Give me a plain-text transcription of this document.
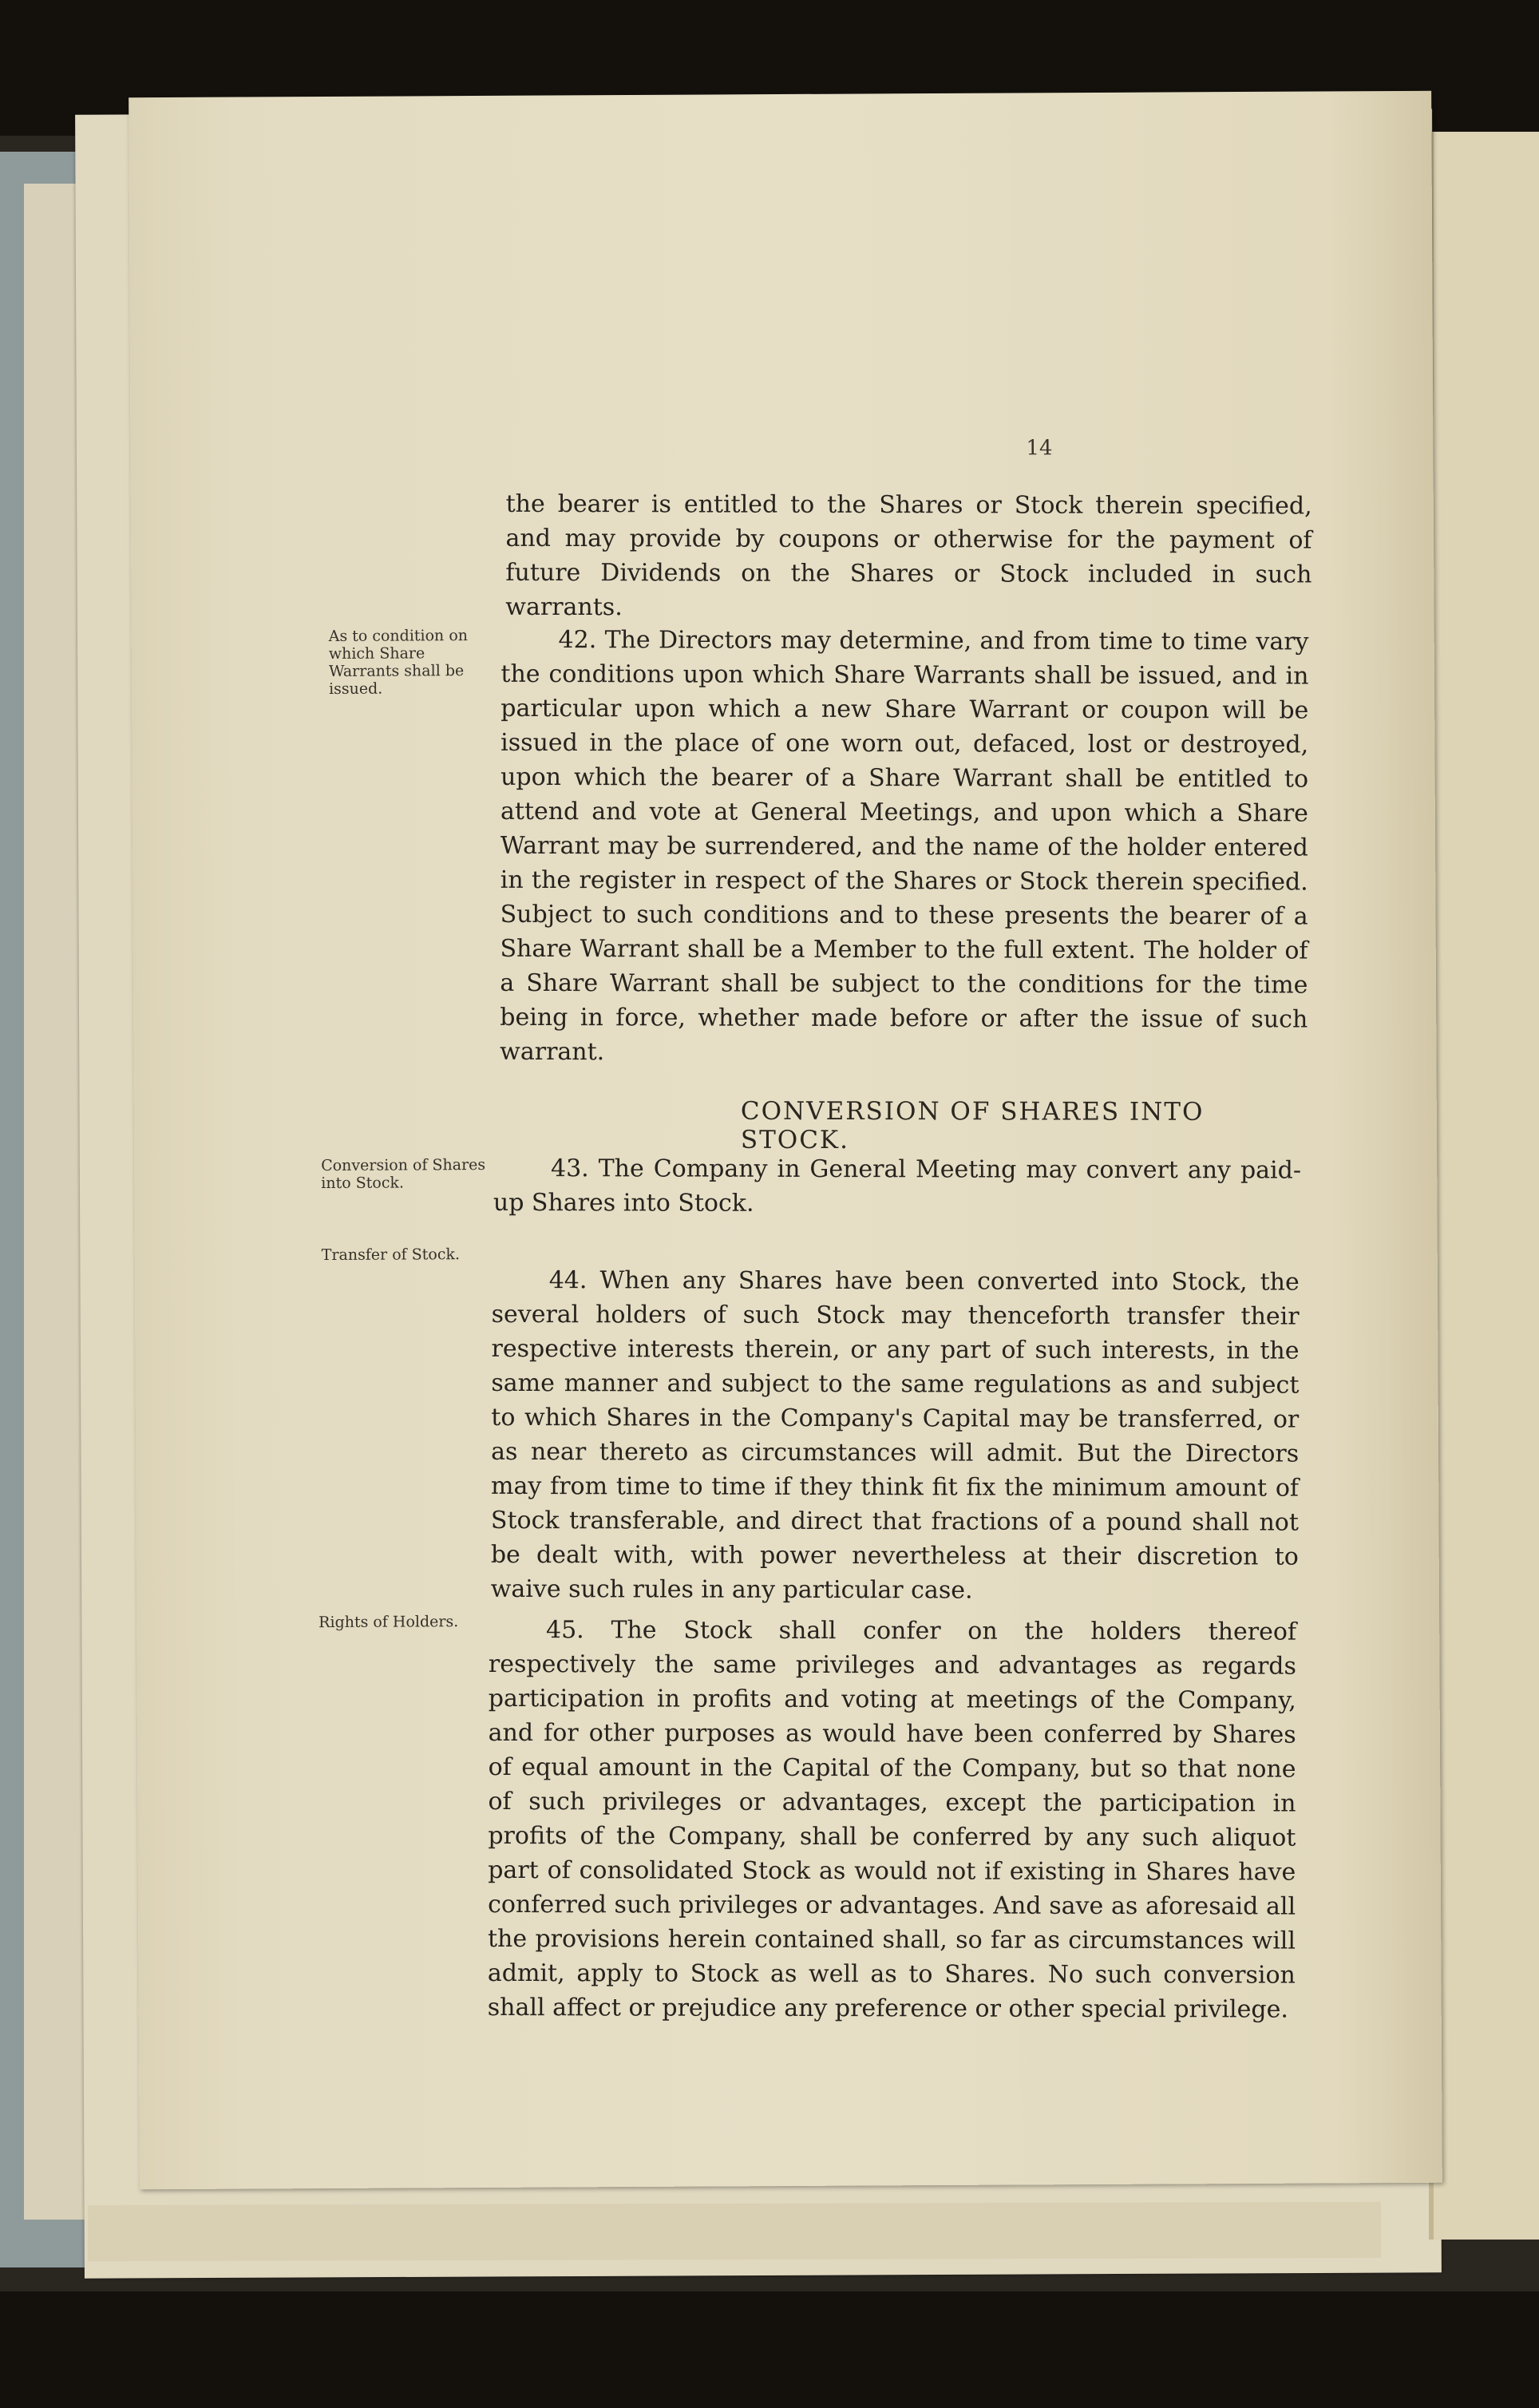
14

the bearer is entitled to the Shares or Stock therein specified, and may provide by coupons or otherwise for the payment of future Dividends on the Shares or Stock included in such warrants.

As to condition on which Share Warrants shall be issued.

42. The Directors may determine, and from time to time vary the conditions upon which Share Warrants shall be issued, and in particular upon which a new Share Warrant or coupon will be issued in the place of one worn out, defaced, lost or destroyed, upon which the bearer of a Share Warrant shall be entitled to attend and vote at General Meetings, and upon which a Share Warrant may be surrendered, and the name of the holder entered in the register in respect of the Shares or Stock therein specified. Subject to such conditions and to these presents the bearer of a Share Warrant shall be a Member to the full extent. The holder of a Share Warrant shall be subject to the conditions for the time being in force, whether made before or after the issue of such warrant.

CONVERSION OF SHARES INTO STOCK.

Conversion of Shares into Stock.

43. The Company in General Meeting may convert any paid-up Shares into Stock.

Transfer of Stock.

44. When any Shares have been converted into Stock, the several holders of such Stock may thenceforth transfer their respective interests therein, or any part of such interests, in the same manner and subject to the same regulations as and subject to which Shares in the Company's Capital may be transferred, or as near thereto as circumstances will admit. But the Directors may from time to time if they think fit fix the minimum amount of Stock transferable, and direct that fractions of a pound shall not be dealt with, with power nevertheless at their discretion to waive such rules in any particular case.

Rights of Holders.	45. The Stock shall confer on the holders thereof respectively the same privileges and advantages as regards participation in profits and voting at meetings of the Company, and for other purposes as would have been conferred by Shares of equal amount in the Capital of the Company, but so that none of such privileges or advantages, except the participation in profits of the Company, shall be conferred by any such aliquot part of consolidated Stock as would not if existing in Shares have conferred such privileges or advantages. And save as aforesaid all the provisions herein contained shall, so far as circumstances will admit, apply to Stock as well as to Shares. No such conversion shall affect or prejudice any preference or other special privilege.
